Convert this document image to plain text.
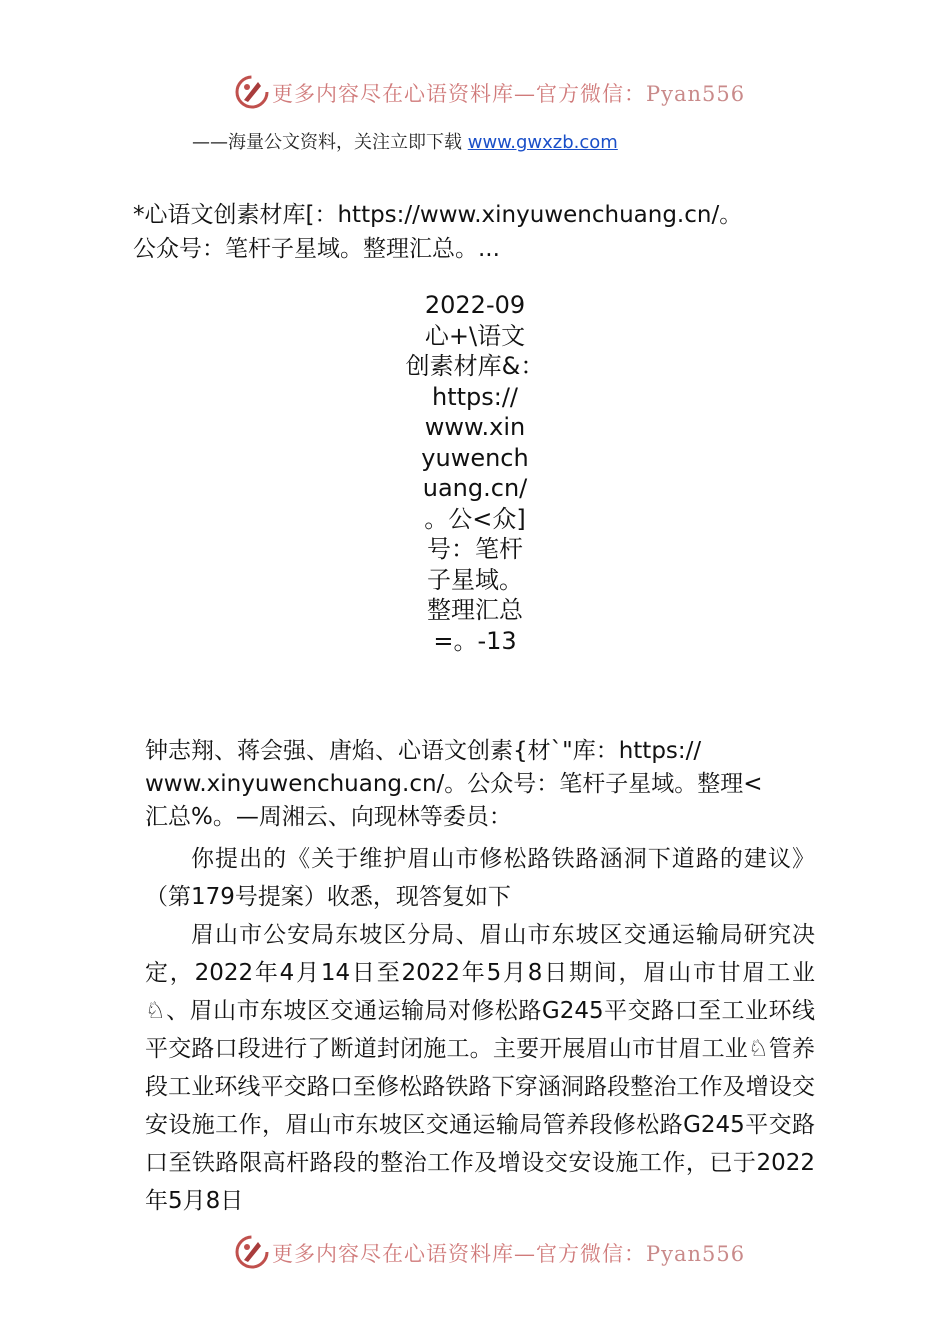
更多内容尽在心语资料库—官方微信：Pyan556
——海量公文资料，关注立即下载 www.gwxzb.com
*心语文创素材库[：https://www.xinyuwenchuang.cn/。
公众号：笔杆子星域。整理汇总。...
2022-09
心+\语文
创素材库&：
https://
www.xin
yuwench
uang.cn/
。公<众]
号：笔杆
子星域。
整理汇总
=。-13
钟志翔、蒋会强、唐焰、心语文创素{材`"库：https://
www.xinyuwenchuang.cn/。公众号：笔杆子星域。整理<
汇总%。—周湘云、向现林等委员：

你提出的《关于维护眉山市修松路铁路涵洞下道路的建议》（第179号提案）收悉，现答复如下

眉山市公安局东坡区分局、眉山市东坡区交通运输局研究决定，2022年4月14日至2022年5月8日期间，眉山市甘眉工业♘、眉山市东坡区交通运输局对修松路G245平交路口至工业环线平交路口段进行了断道封闭施工。主要开展眉山市甘眉工业♘管养段工业环线平交路口至修松路铁路下穿涵洞路段整治工作及增设交安设施工作，眉山市东坡区交通运输局管养段修松路G245平交路口至铁路限高杆路段的整治工作及增设交安设施工作，已于2022年5月8日

更多内容尽在心语资料库—官方微信：Pyan556
